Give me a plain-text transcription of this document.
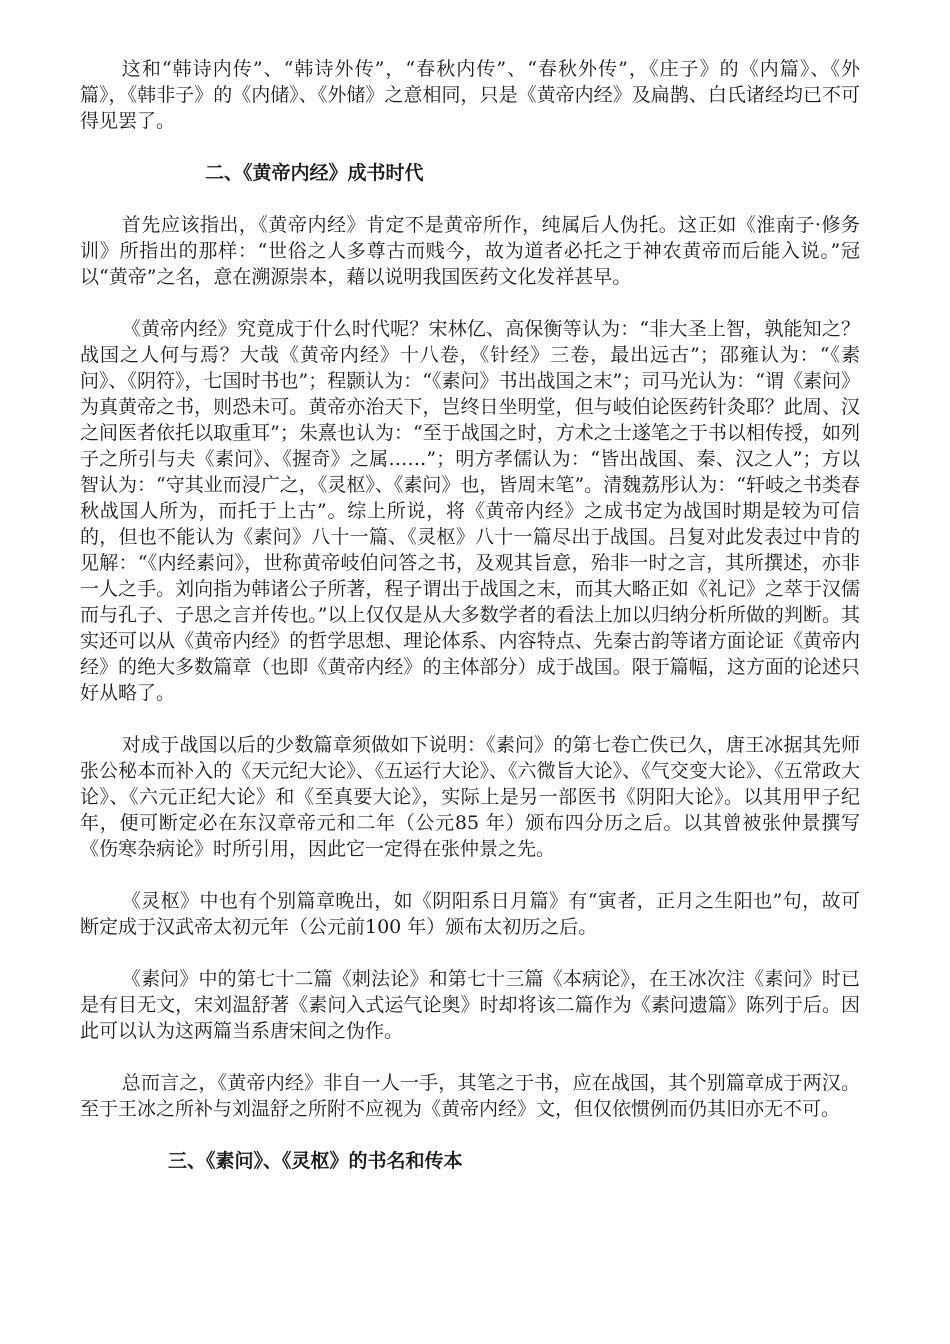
这和“韩诗内传”、“韩诗外传”，“春秋内传”、“春秋外传”，《庄子》的《内篇》、《外篇》，《韩非子》的《内储》、《外储》之意相同，只是《黄帝内经》及扁鹊、白氏诸经均已不可得见罢了。

二、《黄帝内经》成书时代

首先应该指出，《黄帝内经》肯定不是黄帝所作，纯属后人伪托。这正如《淮南子·修务训》所指出的那样：“世俗之人多尊古而贱今，故为道者必托之于神农黄帝而后能入说。”冠以“黄帝”之名，意在溯源崇本，藉以说明我国医药文化发祥甚早。

《黄帝内经》究竟成于什么时代呢？宋林亿、高保衡等认为：“非大圣上智，孰能知之？战国之人何与焉？大哉《黄帝内经》十八卷，《针经》三卷，最出远古”；邵雍认为：“《素问》、《阴符》，七国时书也”；程颢认为：“《素问》书出战国之末”；司马光认为：“谓《素问》为真黄帝之书，则恐未可。黄帝亦治天下，岂终日坐明堂，但与岐伯论医药针灸耶？此周、汉之间医者依托以取重耳”；朱熹也认为：“至于战国之时，方术之士遂笔之于书以相传授，如列子之所引与夫《素问》、《握奇》之属……”；明方孝儒认为：“皆出战国、秦、汉之人”；方以智认为：“守其业而浸广之，《灵枢》、《素问》也，皆周末笔”。清魏荔彤认为：“轩岐之书类春秋战国人所为，而托于上古”。综上所说，将《黄帝内经》之成书定为战国时期是较为可信的，但也不能认为《素问》八十一篇、《灵枢》八十一篇尽出于战国。吕复对此发表过中肯的见解：“《内经素问》，世称黄帝岐伯问答之书，及观其旨意，殆非一时之言，其所撰述，亦非一人之手。刘向指为韩诸公子所著，程子谓出于战国之末，而其大略正如《礼记》之萃于汉儒而与孔子、子思之言并传也。”以上仅仅是从大多数学者的看法上加以归纳分析所做的判断。其实还可以从《黄帝内经》的哲学思想、理论体系、内容特点、先秦古韵等诸方面论证《黄帝内经》的绝大多数篇章（也即《黄帝内经》的主体部分）成于战国。限于篇幅，这方面的论述只好从略了。

对成于战国以后的少数篇章须做如下说明：《素问》的第七卷亡佚已久，唐王冰据其先师张公秘本而补入的《天元纪大论》、《五运行大论》、《六微旨大论》、《气交变大论》、《五常政大论》、《六元正纪大论》和《至真要大论》，实际上是另一部医书《阴阳大论》。以其用甲子纪年，便可断定必在东汉章帝元和二年（公元85 年）颁布四分历之后。以其曾被张仲景撰写《伤寒杂病论》时所引用，因此它一定得在张仲景之先。

《灵枢》中也有个别篇章晚出，如《阴阳系日月篇》有“寅者，正月之生阳也”句，故可断定成于汉武帝太初元年（公元前100 年）颁布太初历之后。

《素问》中的第七十二篇《刺法论》和第七十三篇《本病论》，在王冰次注《素问》时已是有目无文，宋刘温舒著《素问入式运气论奥》时却将该二篇作为《素问遗篇》陈列于后。因此可以认为这两篇当系唐宋间之伪作。

总而言之，《黄帝内经》非自一人一手，其笔之于书，应在战国，其个别篇章成于两汉。至于王冰之所补与刘温舒之所附不应视为《黄帝内经》文，但仅依惯例而仍其旧亦无不可。

三、《素问》、《灵枢》的书名和传本
